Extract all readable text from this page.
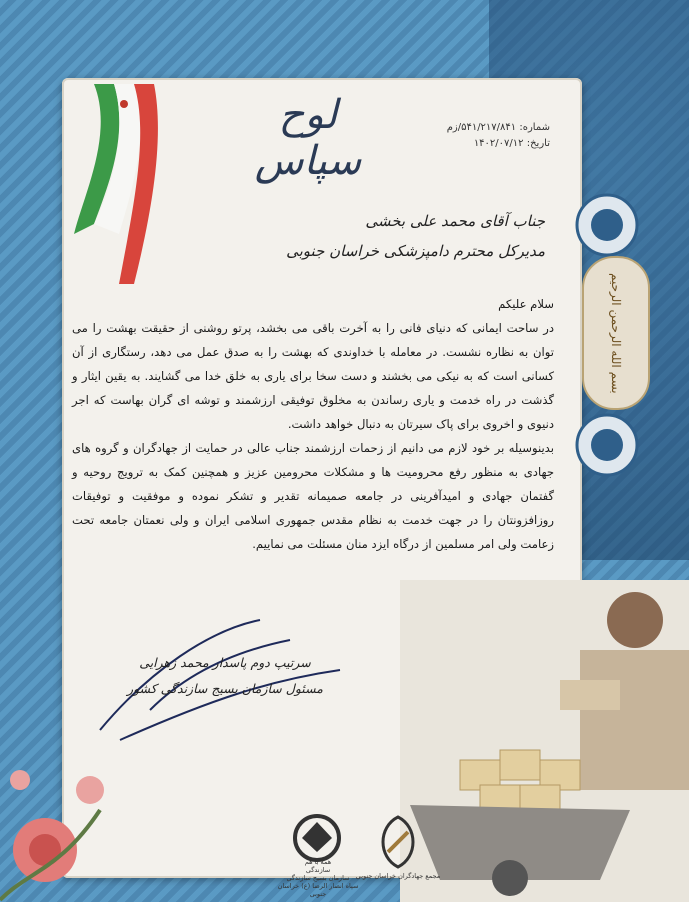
لوح سپاس
شماره: ۵۴۱/۲۱۷/۸۴۱/زم
تاریخ: ۱۴۰۲/۰۷/۱۲
جناب آقای محمد علی بخشی
مدیرکل محترم دامپزشکی خراسان جنوبی

سلام علیکم

در ساحت ایمانی که دنیای فانی را به آخرت باقی می بخشد، پرتو روشنی از حقیقت بهشت را می توان به نظاره نشست. در معامله با خداوندی که بهشت را به صدق عمل می دهد، رستگاری از آن کسانی است که به نیکی می بخشند و دست سخا برای یاری به خلق خدا می گشایند. به یقین ایثار و گذشت در راه خدمت و یاری رساندن به مخلوق توفیقی ارزشمند و توشه ای گران بهاست که اجر دنیوی و اخروی برای پاک سیرتان به دنبال خواهد داشت.

بدینوسیله بر خود لازم می دانیم از زحمات ارزشمند جناب عالی در حمایت از جهادگران و گروه های جهادی به منظور رفع محرومیت ها و مشکلات محرومین عزیز و همچنین کمک به ترویج روحیه و گفتمان جهادی و امیدآفرینی در جامعه صمیمانه تقدیر و تشکر نموده و موفقیت و توفیقات روزافزونتان را در جهت خدمت به نظام مقدس جمهوری اسلامی ایران و ولی نعمتان جامعه تحت زعامت ولی امر مسلمین از درگاه ایزد منان مسئلت می نماییم.

سرتیپ دوم پاسدار محمد زهرایی
مسئول سازمان بسیج سازندگی کشور
بسم الله الرحمن الرحیم
همه با هم
سازندگی
سازمان بسیج سازندگی
سپاه انصار الرضا (ع) خراسان جنوبی
مجمع جهادگران خراسان جنوبی
